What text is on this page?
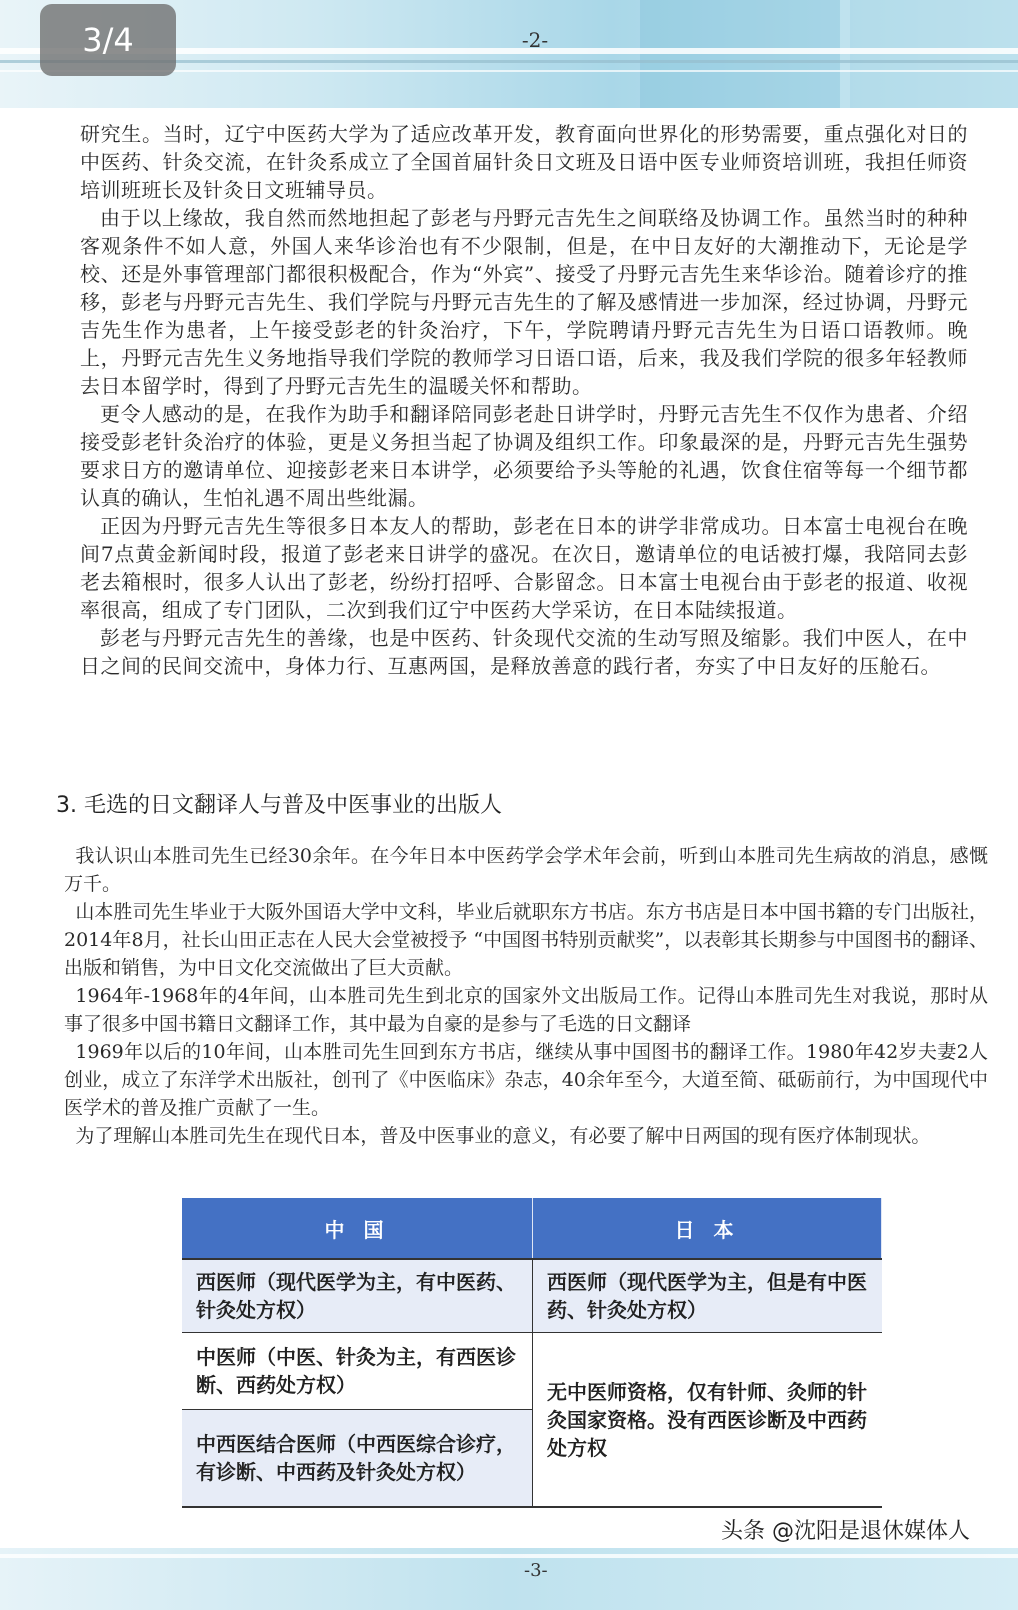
3/4	-2-

研究生。当时，辽宁中医药大学为了适应改革开发，教育面向世界化的形势需要，重点强化对日的中医药、针灸交流，在针灸系成立了全国首届针灸日文班及日语中医专业师资培训班，我担任师资培训班班长及针灸日文班辅导员。

由于以上缘故，我自然而然地担起了彭老与丹野元吉先生之间联络及协调工作。虽然当时的种种客观条件不如人意，外国人来华诊治也有不少限制，但是，在中日友好的大潮推动下，无论是学校、还是外事管理部门都很积极配合，作为“外宾”、接受了丹野元吉先生来华诊治。随着诊疗的推移，彭老与丹野元吉先生、我们学院与丹野元吉先生的了解及感情进一步加深，经过协调，丹野元吉先生作为患者，上午接受彭老的针灸治疗，下午，学院聘请丹野元吉先生为日语口语教师。晚上，丹野元吉先生义务地指导我们学院的教师学习日语口语，后来，我及我们学院的很多年轻教师去日本留学时，得到了丹野元吉先生的温暖关怀和帮助。

更令人感动的是，在我作为助手和翻译陪同彭老赴日讲学时，丹野元吉先生不仅作为患者、介绍接受彭老针灸治疗的体验，更是义务担当起了协调及组织工作。印象最深的是，丹野元吉先生强势要求日方的邀请单位、迎接彭老来日本讲学，必须要给予头等舱的礼遇，饮食住宿等每一个细节都认真的确认，生怕礼遇不周出些纰漏。

正因为丹野元吉先生等很多日本友人的帮助，彭老在日本的讲学非常成功。日本富士电视台在晚间7点黄金新闻时段，报道了彭老来日讲学的盛况。在次日，邀请单位的电话被打爆，我陪同去彭老去箱根时，很多人认出了彭老，纷纷打招呼、合影留念。日本富士电视台由于彭老的报道、收视率很高，组成了专门团队，二次到我们辽宁中医药大学采访，在日本陆续报道。

彭老与丹野元吉先生的善缘，也是中医药、针灸现代交流的生动写照及缩影。我们中医人，在中日之间的民间交流中，身体力行、互惠两国，是释放善意的践行者，夯实了中日友好的压舱石。

3. 毛选的日文翻译人与普及中医事业的出版人

我认识山本胜司先生已经30余年。在今年日本中医药学会学术年会前，听到山本胜司先生病故的消息，感慨万千。

山本胜司先生毕业于大阪外国语大学中文科，毕业后就职东方书店。东方书店是日本中国书籍的专门出版社，2014年8月，社长山田正志在人民大会堂被授予 “中国图书特别贡献奖”，以表彰其长期参与中国图书的翻译、出版和销售，为中日文化交流做出了巨大贡献。

1964年-1968年的4年间，山本胜司先生到北京的国家外文出版局工作。记得山本胜司先生对我说，那时从事了很多中国书籍日文翻译工作，其中最为自豪的是参与了毛选的日文翻译

1969年以后的10年间，山本胜司先生回到东方书店，继续从事中国图书的翻译工作。1980年42岁夫妻2人创业，成立了东洋学术出版社，创刊了《中医临床》杂志，40余年至今，大道至简、砥砺前行，为中国现代中医学术的普及推广贡献了一生。

为了理解山本胜司先生在现代日本，普及中医事业的意义，有必要了解中日两国的现有医疗体制现状。

中 国	日 本
西医师（现代医学为主，有中医药、针灸处方权）	西医师（现代医学为主，但是有中医药、针灸处方权）
中医师（中医、针灸为主，有西医诊断、西药处方权）	无中医师资格，仅有针师、灸师的针灸国家资格。没有西医诊断及中西药处方权
中西医结合医师（中西医综合诊疗，有诊断、中西药及针灸处方权）	
头条 @沈阳是退休媒体人
-3-
